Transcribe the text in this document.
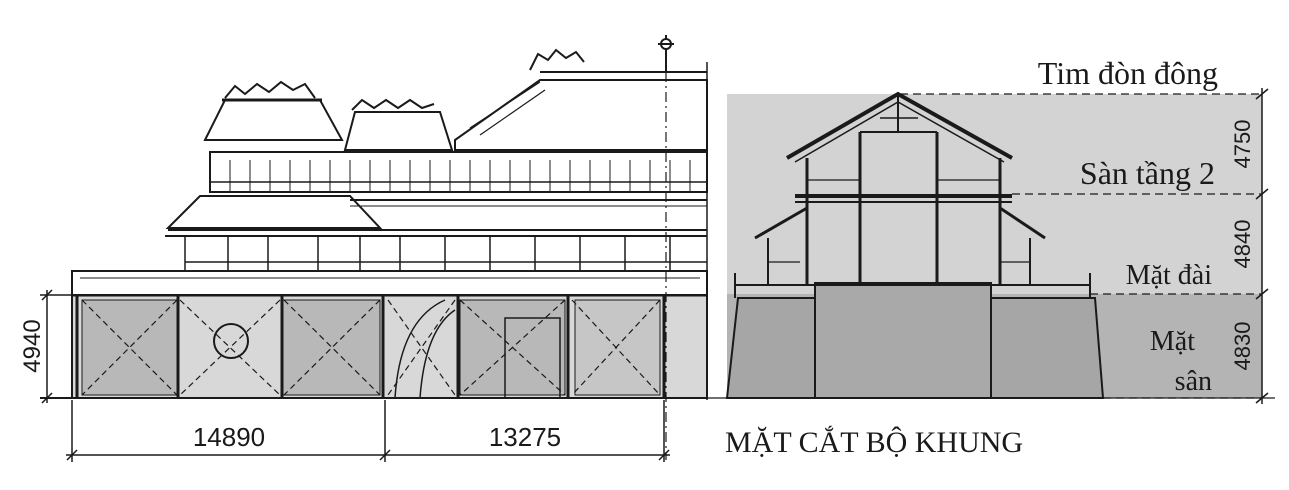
4940
14890	13275
Tim đòn đông
Sàn tầng 2
Mặt đài
Mặt sân
4750
4840
4830
MẶT CẮT BỘ KHUNG
